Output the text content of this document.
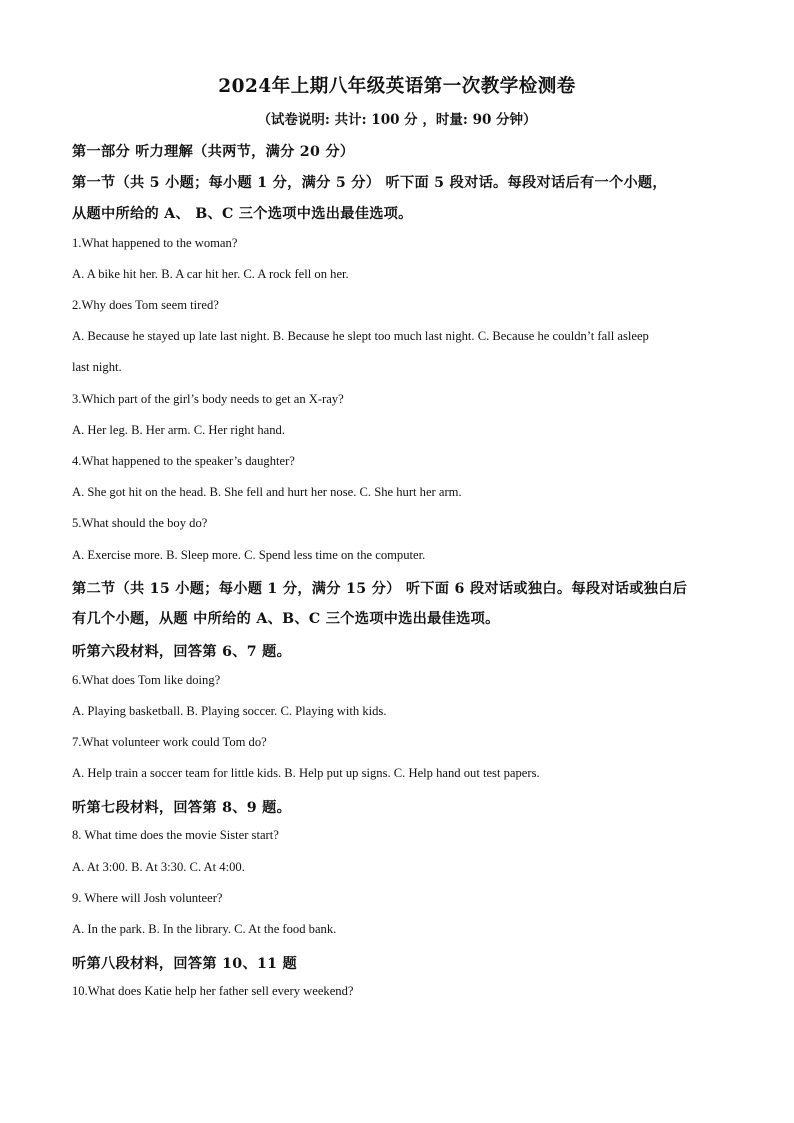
2024年上期八年级英语第一次教学检测卷
（试卷说明: 共计: 100 分 ，时量: 90 分钟）
第一部分 听力理解（共两节，满分 20 分）
第一节（共 5 小题；每小题 1 分，满分 5 分） 听下面 5 段对话。每段对话后有一个小题，
从题中所给的 A、 B、C 三个选项中选出最佳选项。
1.What happened to the woman?
A. A bike hit her. B. A car hit her. C. A rock fell on her.
2.Why does Tom seem tired?
A. Because he stayed up late last night. B. Because he slept too much last night. C. Because he couldn’t fall asleep
last night.
3.Which part of the girl’s body needs to get an X-ray?
A. Her leg. B. Her arm. C. Her right hand.
4.What happened to the speaker’s daughter?
A. She got hit on the head. B. She fell and hurt her nose. C. She hurt her arm.
5.What should the boy do?
A. Exercise more. B. Sleep more. C. Spend less time on the computer.
第二节（共 15 小题；每小题 1 分，满分 15 分） 听下面 6 段对话或独白。每段对话或独白后
有几个小题，从题 中所给的 A、B、C 三个选项中选出最佳选项。
听第六段材料，回答第 6、7 题。
6.What does Tom like doing?
A. Playing basketball. B. Playing soccer. C. Playing with kids.
7.What volunteer work could Tom do?
A. Help train a soccer team for little kids. B. Help put up signs. C. Help hand out test papers.
听第七段材料，回答第 8、9 题。
8. What time does the movie Sister start?
A. At 3:00. B. At 3:30. C. At 4:00.
9. Where will Josh volunteer?
A. In the park. B. In the library. C. At the food bank.
听第八段材料，回答第 10、11 题
10.What does Katie help her father sell every weekend?
